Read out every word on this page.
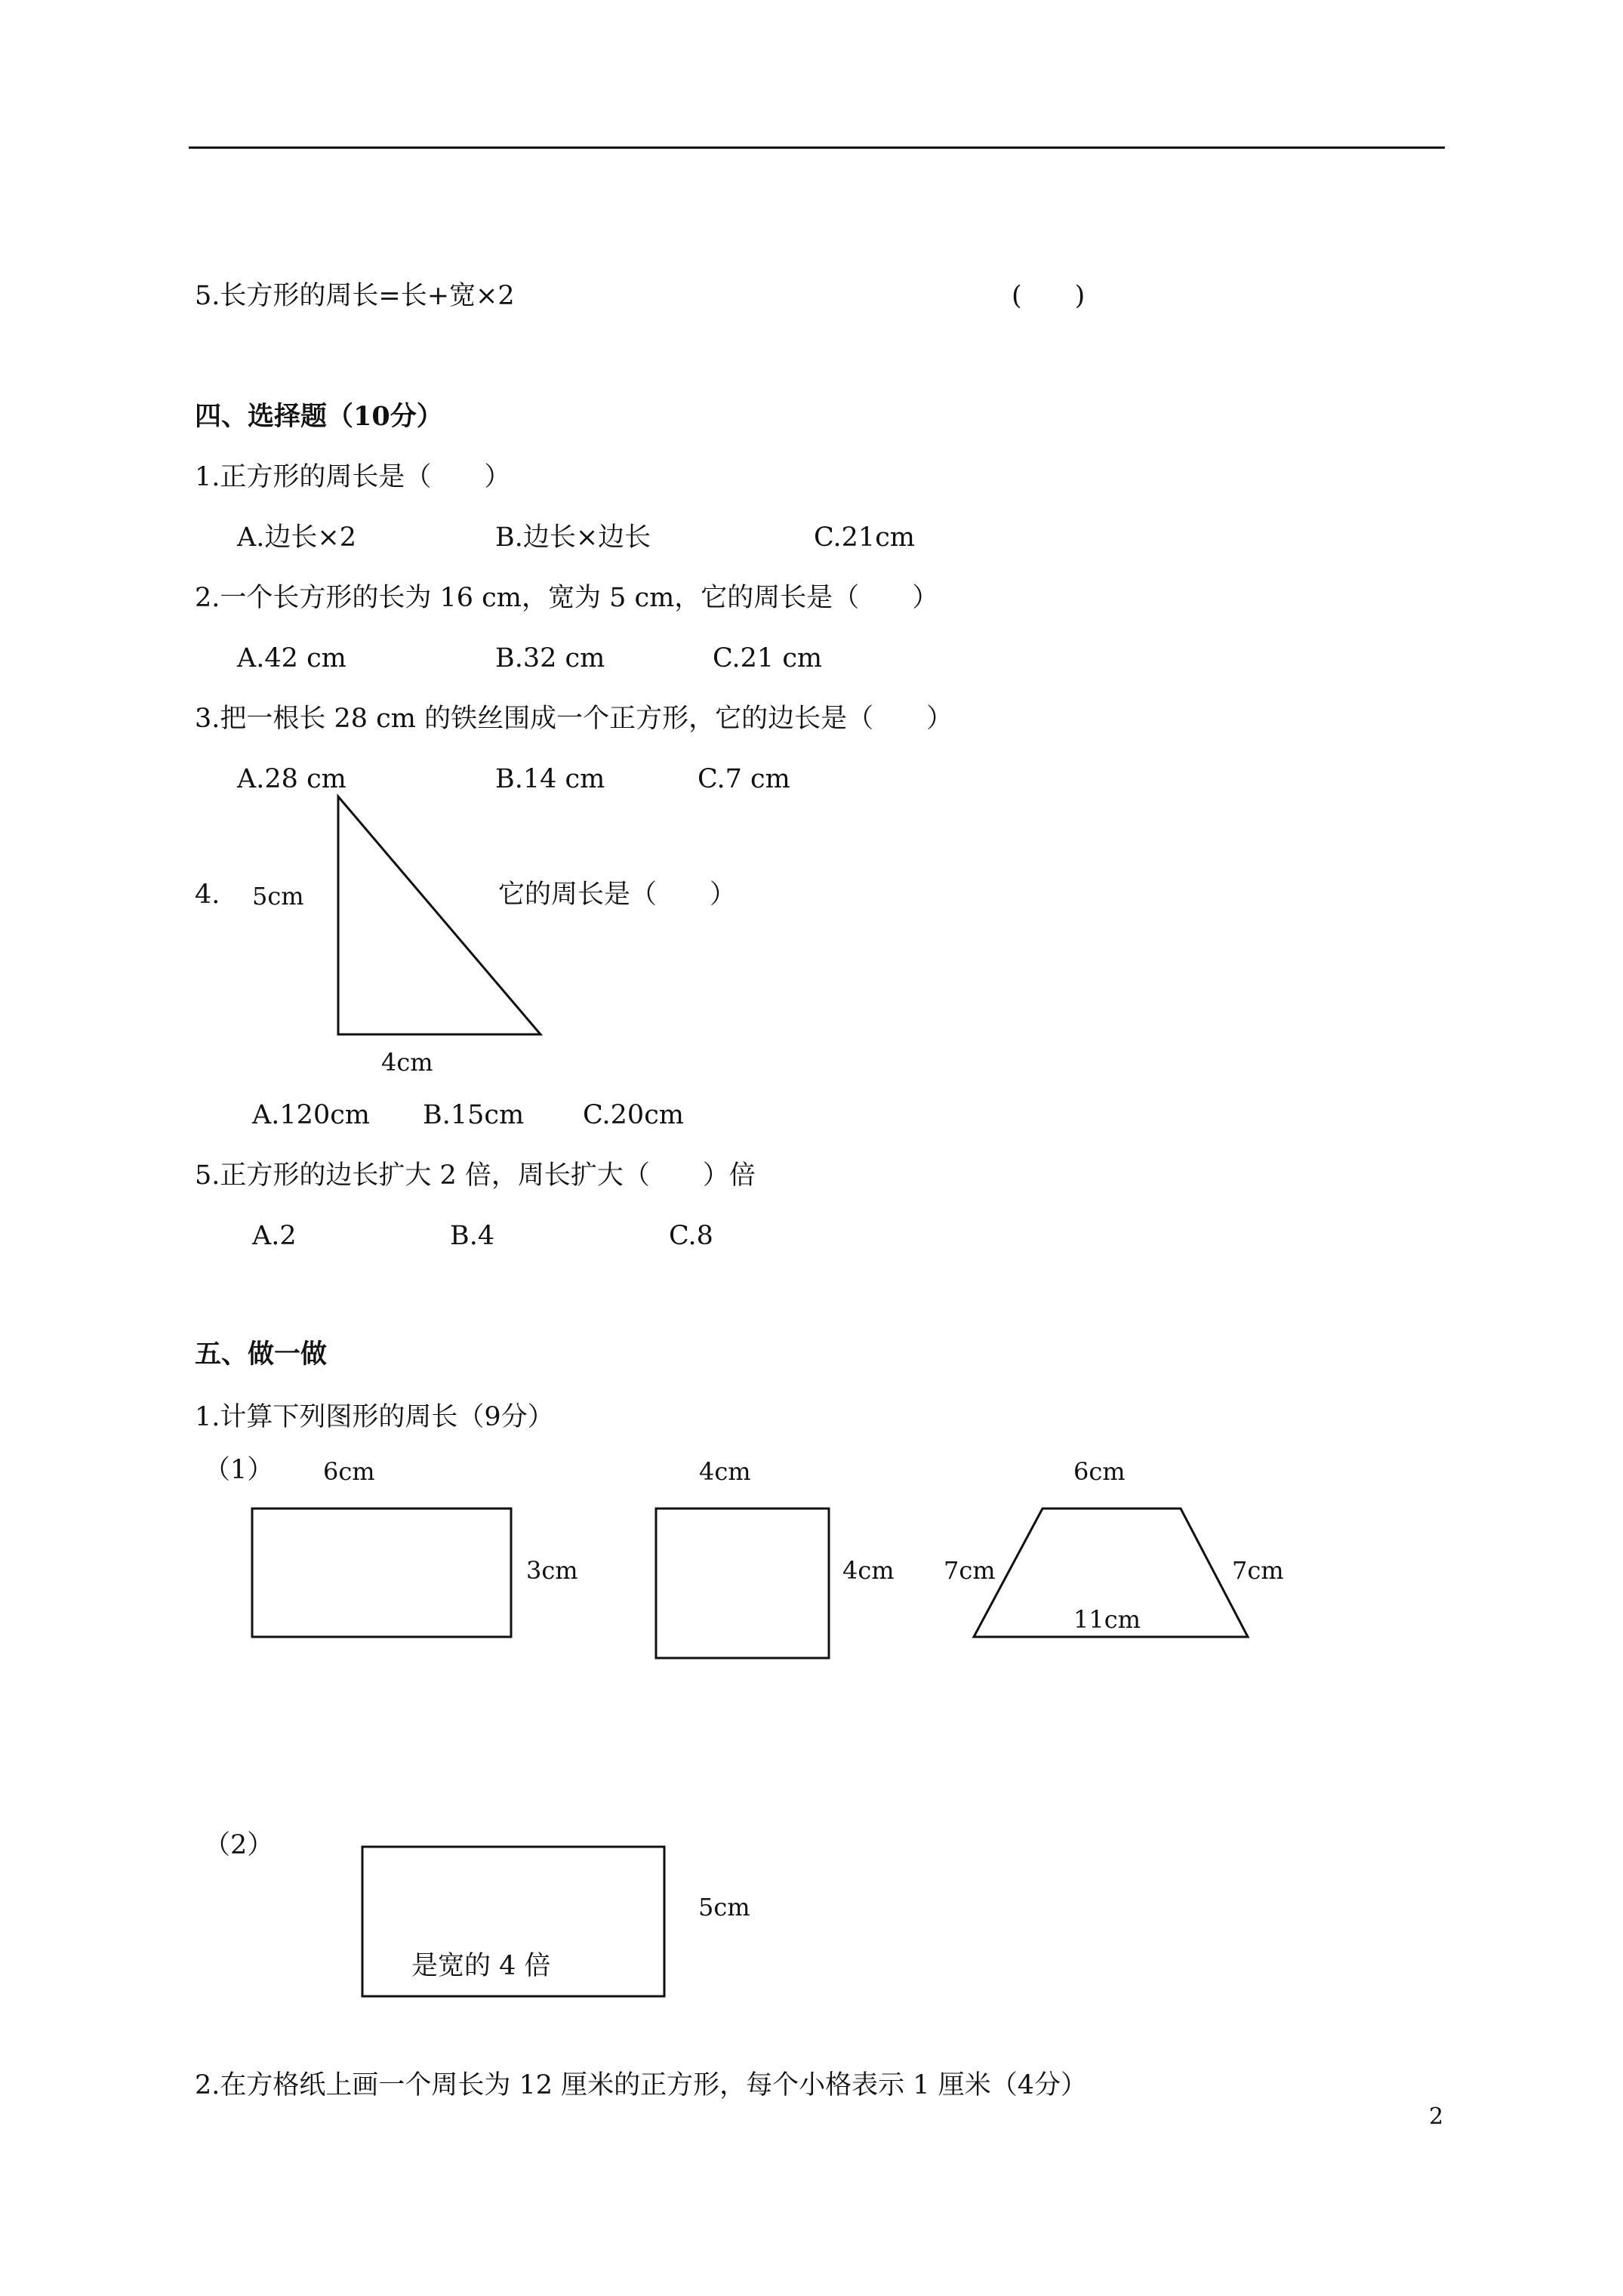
5.长方形的周长=长+宽×2	(　　)
四、选择题（10分）
1.正方形的周长是（　　）
A.边长×2	B.边长×边长	C.21cm
2.一个长方形的长为 16 cm，宽为 5 cm，它的周长是（　　）
A.42 cm	B.32 cm	C.21 cm
3.把一根长 28 cm 的铁丝围成一个正方形，它的边长是（　　）
A.28 cm	B.14 cm	C.7 cm
4. 5cm	它的周长是（　　）
4cm
A.120cm B.15cm C.20cm
5.正方形的边长扩大 2 倍，周长扩大（　　）倍
A.2	B.4	C.8
五、做一做
1.计算下列图形的周长（9分）
（1） 6cm
3cm
4cm
4cm
6cm
7cm	7cm
11cm
（2）
5cm
是宽的 4 倍
2.在方格纸上画一个周长为 12 厘米的正方形，每个小格表示 1 厘米（4分）
2
